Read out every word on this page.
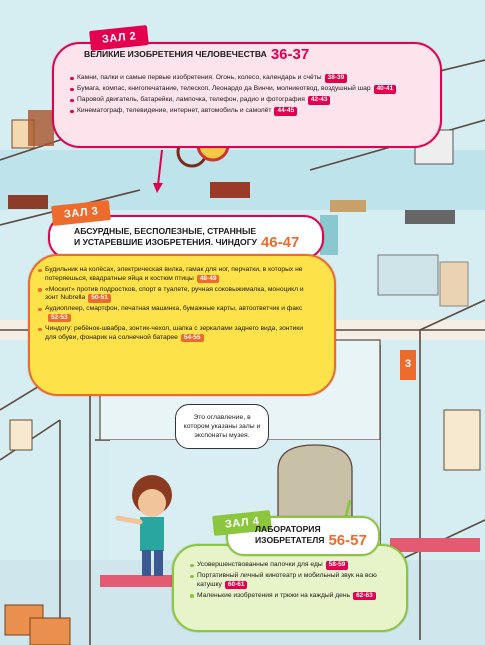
ЗАЛ 2
ВЕЛИКИЕ ИЗОБРЕТЕНИЯ ЧЕЛОВЕЧЕСТВА 36-37
Камни, палки и самые первые изобретения. Огонь, колесо, календарь и счёты 38-39
Бумага, компас, книгопечатание, телескоп, Леонардо да Винчи, молниеотвод, воздушный шар 40-41
Паровой двигатель, батарейки, лампочка, телефон, радио и фотография 42-43
Кинематограф, телевидение, интернет, автомобиль и самолёт 44-45
ЗАЛ 3
АБСУРДНЫЕ, БЕСПОЛЕЗНЫЕ, СТРАННЫЕ
И УСТАРЕВШИЕ ИЗОБРЕТЕНИЯ. ЧИНДОГУ 46-47
Будильник на колёсах, электрическая вилка, гамак для ног, перчатки, в которых не потеряешься, квадратные яйца и костюм птицы 48-49
«Москит» против подростков, спорт в туалете, ручная соковыжималка, моноцикл и зонт Nubrella 50-51
Аудиоплеер, смартфон, печатная машинка, бумажные карты, автоответчик и факс52-53
Чиндогу: ребёнок-швабра, зонтик-чехол, шапка с зеркалами заднего вида, зонтики для обуви, фонарик на солнечной батарее 54-55
Это оглавление, в котором указаны залы и экспонаты музея.
ЗАЛ 4
ЛАБОРАТОРИЯ
ИЗОБРЕТАТЕЛЯ 56-57
Усовершенствованные палочки для еды 58-59
Портативный личный кинотеатр и мобильный звук на всю катушку 60-61
Маленькие изобретения и трюки на каждый день 62-63
3
